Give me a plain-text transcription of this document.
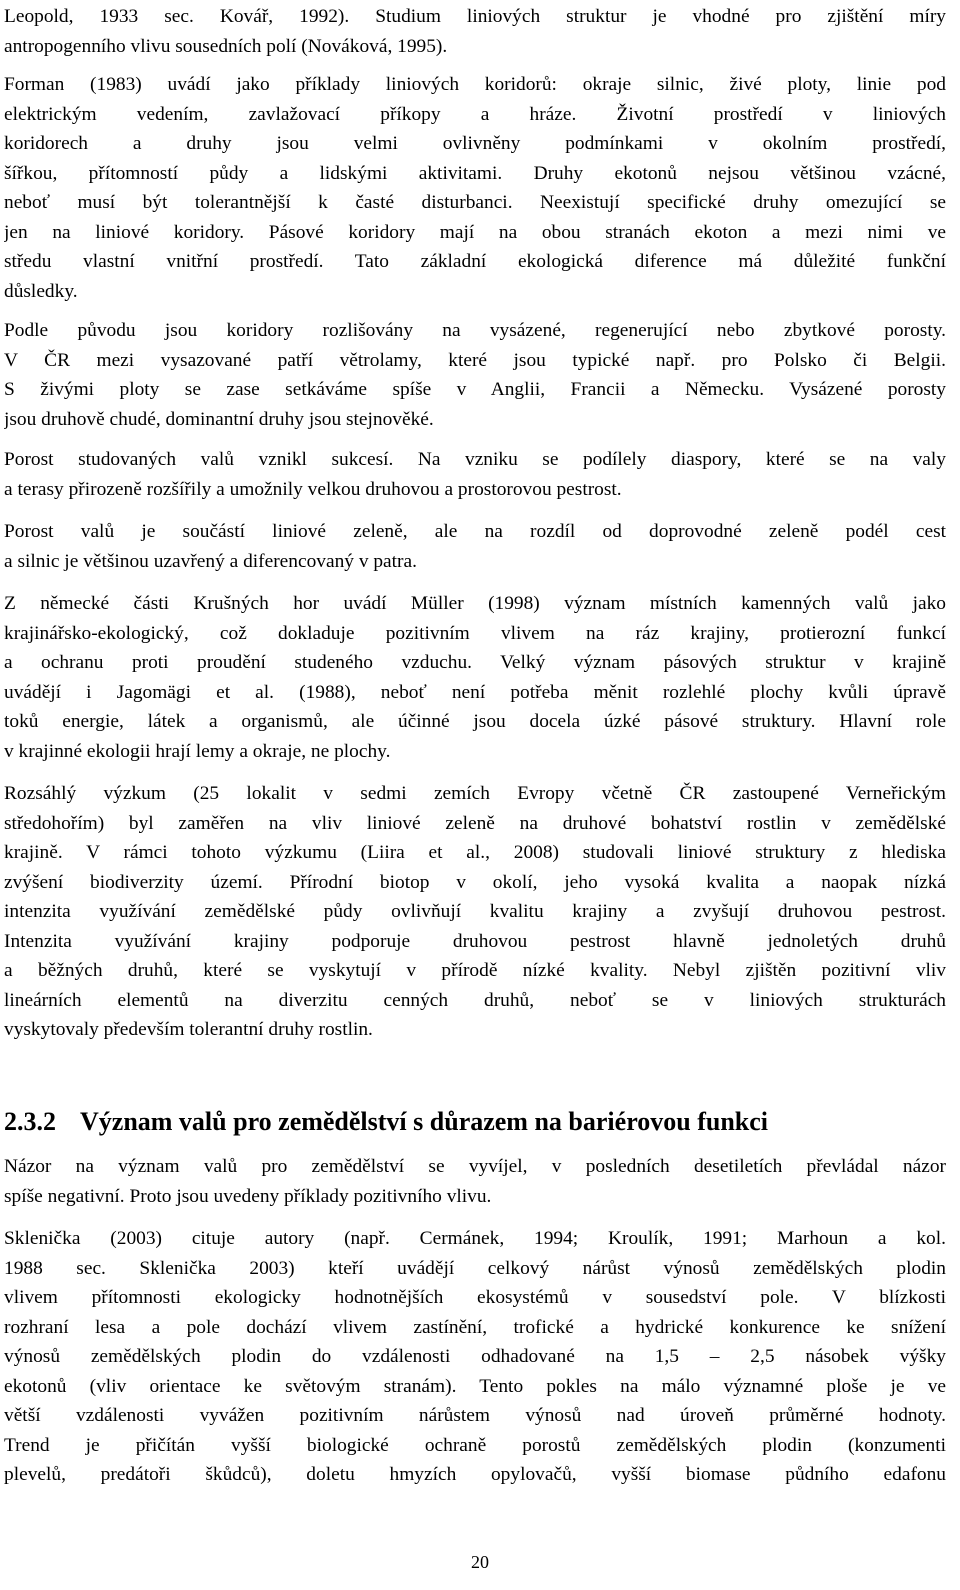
Leopold, 1933 sec. Kovář, 1992). Studium liniových struktur je vhodné pro zjištění míry
antropogenního vlivu sousedních polí (Nováková, 1995).
Forman (1983) uvádí jako příklady liniových koridorů: okraje silnic, živé ploty, linie pod
elektrickým vedením, zavlažovací příkopy a hráze. Životní prostředí v liniových
koridorech a druhy jsou velmi ovlivněny podmínkami v okolním prostředí,
šířkou, přítomností půdy a lidskými aktivitami. Druhy ekotonů nejsou většinou vzácné,
neboť musí být tolerantnější k časté disturbanci. Neexistují specifické druhy omezující se
jen na liniové koridory. Pásové koridory mají na obou stranách ekoton a mezi nimi ve
středu vlastní vnitřní prostředí. Tato základní ekologická diference má důležité funkční
důsledky.
Podle původu jsou koridory rozlišovány na vysázené, regenerující nebo zbytkové porosty.
V ČR mezi vysazované patří větrolamy, které jsou typické např. pro Polsko či Belgii.
S živými ploty se zase setkáváme spíše v Anglii, Francii a Německu. Vysázené porosty
jsou druhově chudé, dominantní druhy jsou stejnověké.
Porost studovaných valů vznikl sukcesí. Na vzniku se podílely diaspory, které se na valy
a terasy přirozeně rozšířily a umožnily velkou druhovou a prostorovou pestrost.
Porost valů je součástí liniové zeleně, ale na rozdíl od doprovodné zeleně podél cest
a silnic je většinou uzavřený a diferencovaný v patra.
Z německé části Krušných hor uvádí Müller (1998) význam místních kamenných valů jako
krajinářsko-ekologický, což dokladuje pozitivním vlivem na ráz krajiny, protierozní funkcí
a ochranu proti proudění studeného vzduchu. Velký význam pásových struktur v krajině
uvádějí i Jagomägi et al. (1988), neboť není potřeba měnit rozlehlé plochy kvůli úpravě
toků energie, látek a organismů, ale účinné jsou docela úzké pásové struktury. Hlavní role
v krajinné ekologii hrají lemy a okraje, ne plochy.
Rozsáhlý výzkum (25 lokalit v sedmi zemích Evropy včetně ČR zastoupené Verneřickým
středohořím) byl zaměřen na vliv liniové zeleně na druhové bohatství rostlin v zemědělské
krajině. V rámci tohoto výzkumu (Liira et al., 2008) studovali liniové struktury z hlediska
zvýšení biodiverzity území. Přírodní biotop v okolí, jeho vysoká kvalita a naopak nízká
intenzita využívání zemědělské půdy ovlivňují kvalitu krajiny a zvyšují druhovou pestrost.
Intenzita využívání krajiny podporuje druhovou pestrost hlavně jednoletých druhů
a běžných druhů, které se vyskytují v přírodě nízké kvality. Nebyl zjištěn pozitivní vliv
lineárních elementů na diverzitu cenných druhů, neboť se v liniových strukturách
vyskytovaly především tolerantní druhy rostlin.
2.3.2 Význam valů pro zemědělství s důrazem na bariérovou funkci
Názor na význam valů pro zemědělství se vyvíjel, v posledních desetiletích převládal názor
spíše negativní. Proto jsou uvedeny příklady pozitivního vlivu.
Sklenička (2003) cituje autory (např. Cermánek, 1994; Kroulík, 1991; Marhoun a kol.
1988 sec. Sklenička 2003) kteří uvádějí celkový nárůst výnosů zemědělských plodin
vlivem přítomnosti ekologicky hodnotnějších ekosystémů v sousedství pole. V blízkosti
rozhraní lesa a pole dochází vlivem zastínění, trofické a hydrické konkurence ke snížení
výnosů zemědělských plodin do vzdálenosti odhadované na 1,5 – 2,5 násobek výšky
ekotonů (vliv orientace ke světovým stranám). Tento pokles na málo významné ploše je ve
větší vzdálenosti vyvážen pozitivním nárůstem výnosů nad úroveň průměrné hodnoty.
Trend je přičítán vyšší biologické ochraně porostů zemědělských plodin (konzumenti
plevelů, predátoři škůdců), doletu hmyzích opylovačů, vyšší biomase půdního edafonu
20
